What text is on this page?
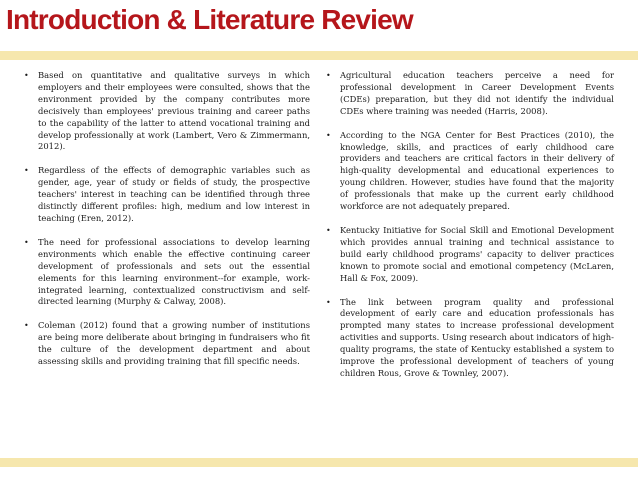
Introduction & Literature Review
• Based on quantitative and qualitative surveys in which employers and their employees were consulted, shows that the environment provided by the company contributes more decisively than employees' previous training and career paths to the capability of the latter to attend vocational training and develop professionally at work (Lambert, Vero & Zimmermann, 2012).
• Regardless of the effects of demographic variables such as gender, age, year of study or fields of study, the prospective teachers' interest in teaching can be identified through three distinctly different profiles: high, medium and low interest in teaching (Eren, 2012).
• The need for professional associations to develop learning environments which enable the effective continuing career development of professionals and sets out the essential elements for this learning environment--for example, work-integrated learning, contextualized constructivism and self-directed learning (Murphy & Calway, 2008).
• Coleman (2012) found that a growing number of institutions are being more deliberate about bringing in fundraisers who fit the culture of the development department and about assessing skills and providing training that fill specific needs.
• Agricultural education teachers perceive a need for professional development in Career Development Events (CDEs) preparation, but they did not identify the individual CDEs where training was needed (Harris, 2008).
• According to the NGA Center for Best Practices (2010), the knowledge, skills, and practices of early childhood care providers and teachers are critical factors in their delivery of high-quality developmental and educational experiences to young children. However, studies have found that the majority of professionals that make up the current early childhood workforce are not adequately prepared.
• Kentucky Initiative for Social Skill and Emotional Development which provides annual training and technical assistance to build early childhood programs' capacity to deliver practices known to promote social and emotional competency (McLaren, Hall & Fox, 2009).
• The link between program quality and professional development of early care and education professionals has prompted many states to increase professional development activities and supports. Using research about indicators of high-quality programs, the state of Kentucky established a system to improve the professional development of teachers of young children Rous, Grove & Townley, 2007).
